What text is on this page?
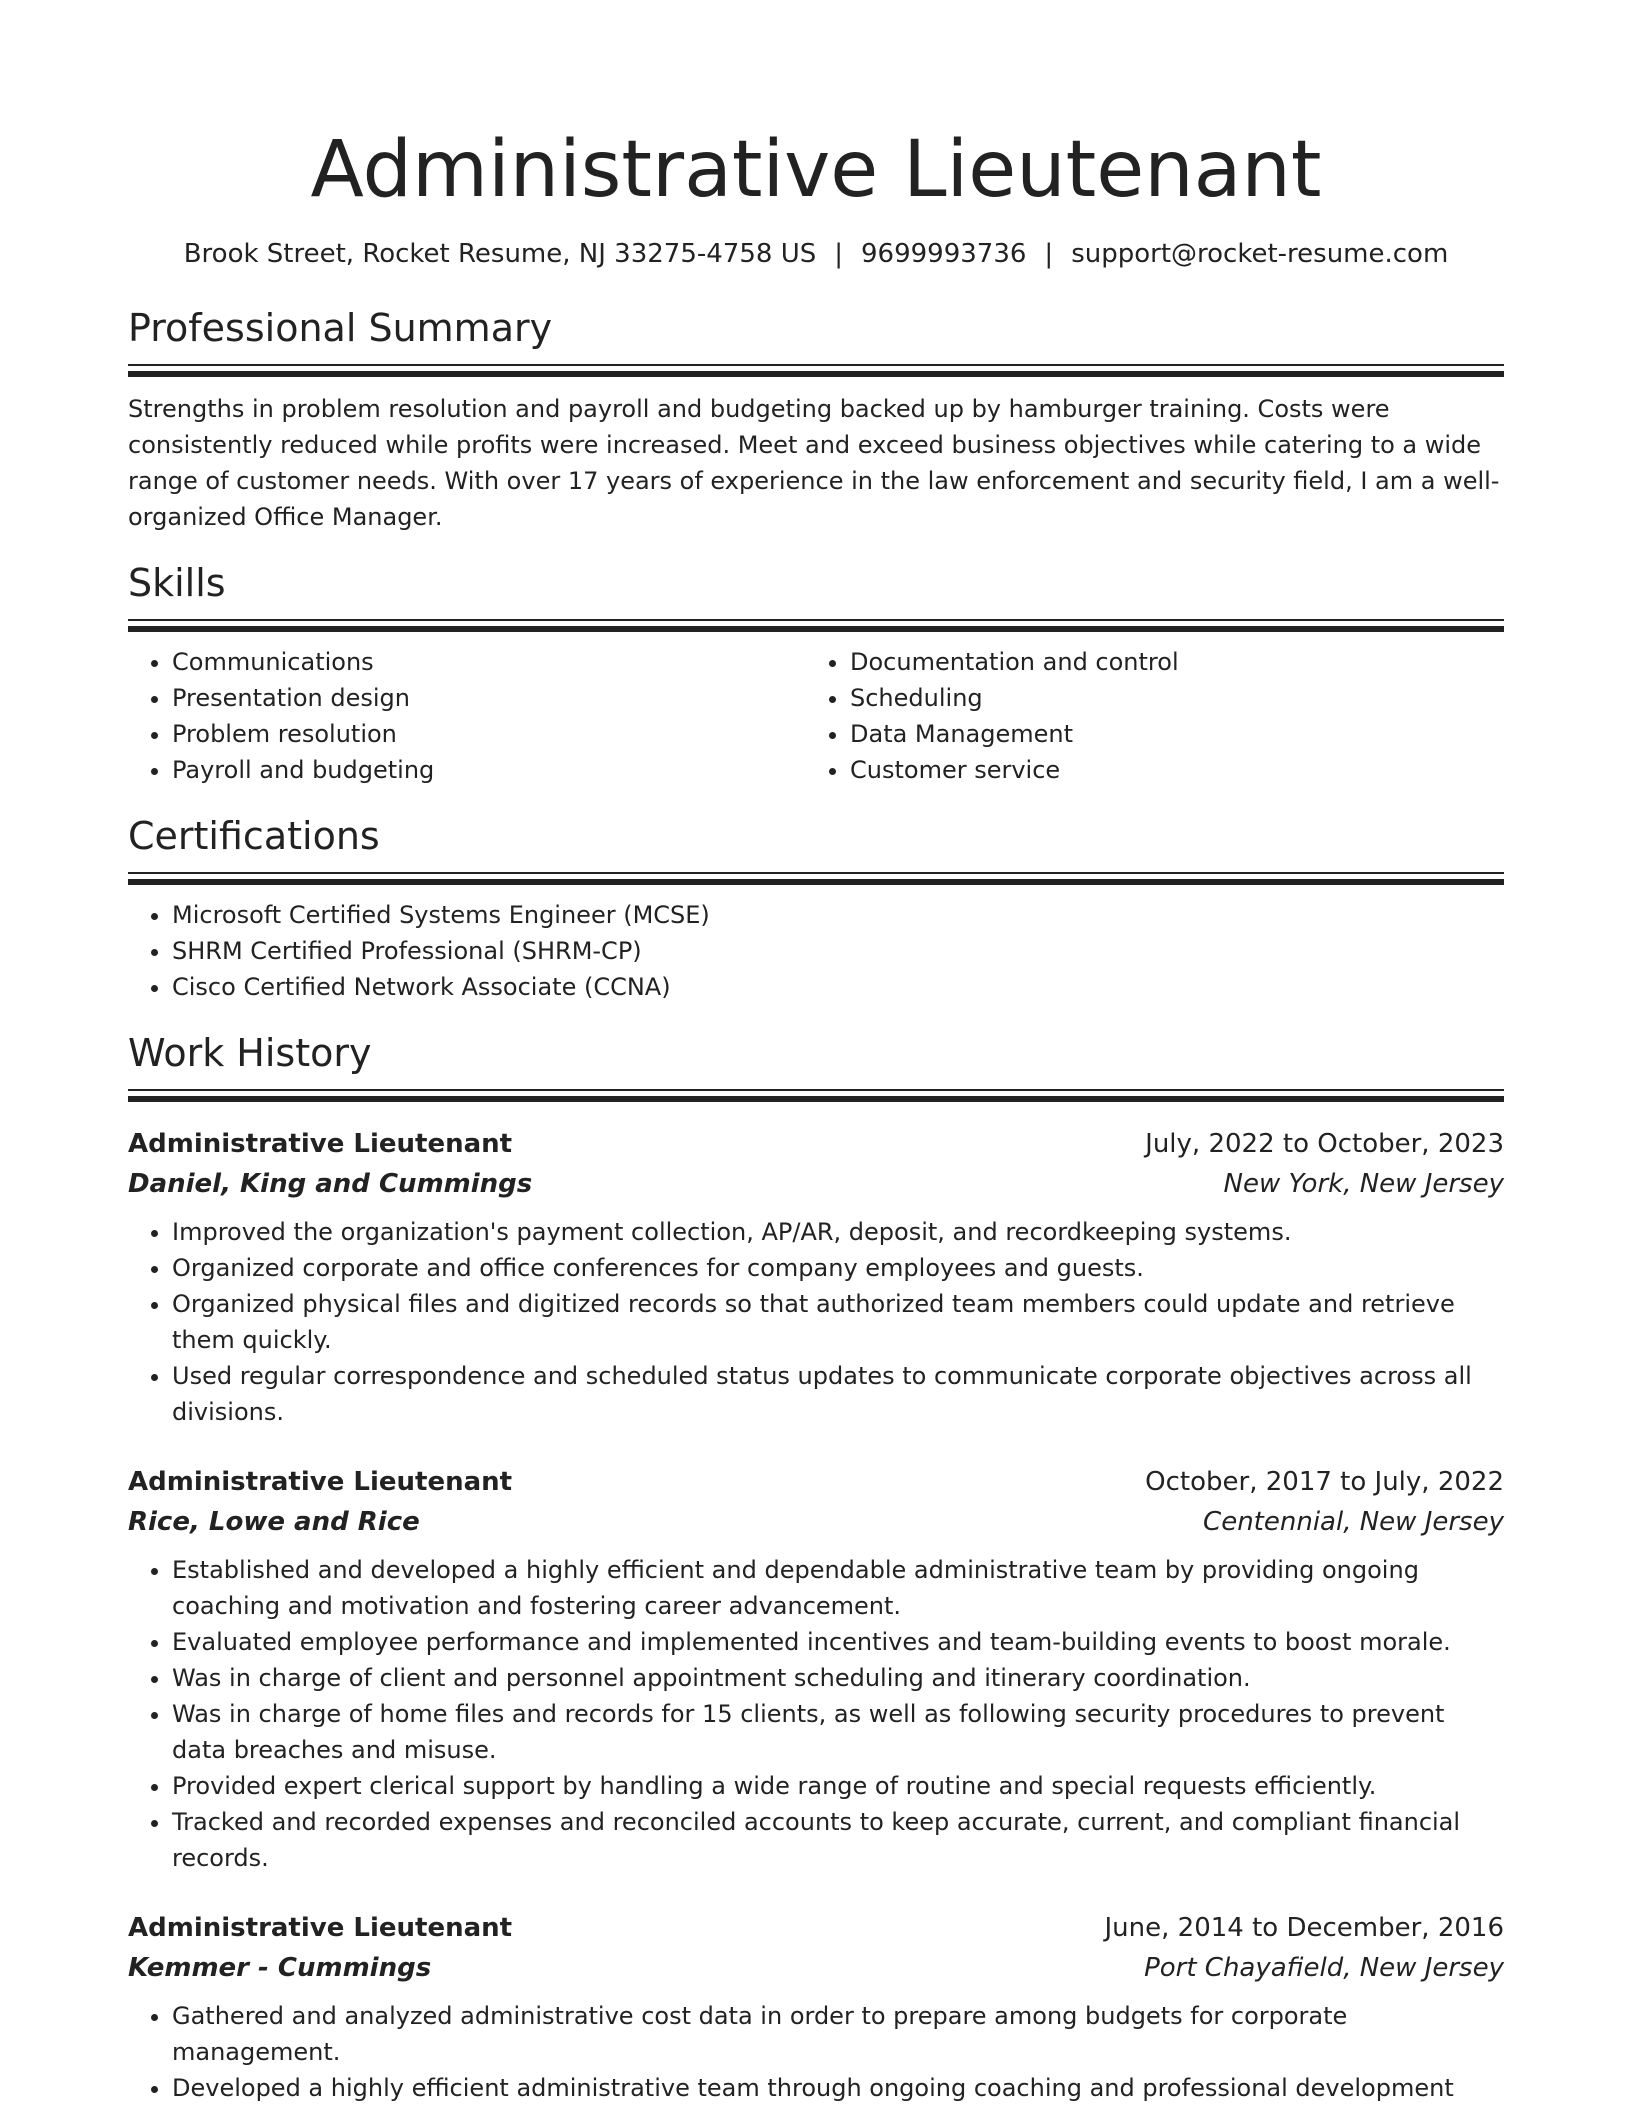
Administrative Lieutenant
Brook Street, Rocket Resume, NJ 33275-4758 US | 9699993736 | support@rocket-resume.com
Professional Summary
Strengths in problem resolution and payroll and budgeting backed up by hamburger training. Costs were consistently reduced while profits were increased. Meet and exceed business objectives while catering to a wide range of customer needs. With over 17 years of experience in the law enforcement and security field, I am a well-organized Office Manager.
Skills
• Communications
• Presentation design
• Problem resolution
• Payroll and budgeting
• Documentation and control
• Scheduling
• Data Management
• Customer service
Certifications
• Microsoft Certified Systems Engineer (MCSE)
• SHRM Certified Professional (SHRM-CP)
• Cisco Certified Network Associate (CCNA)
Work History
Administrative Lieutenant	July, 2022 to October, 2023
Daniel, King and Cummings	New York, New Jersey
• Improved the organization's payment collection, AP/AR, deposit, and recordkeeping systems.
• Organized corporate and office conferences for company employees and guests.
• Organized physical files and digitized records so that authorized team members could update and retrieve them quickly.
• Used regular correspondence and scheduled status updates to communicate corporate objectives across all divisions.
Administrative Lieutenant	October, 2017 to July, 2022
Rice, Lowe and Rice	Centennial, New Jersey
• Established and developed a highly efficient and dependable administrative team by providing ongoing coaching and motivation and fostering career advancement.
• Evaluated employee performance and implemented incentives and team-building events to boost morale.
• Was in charge of client and personnel appointment scheduling and itinerary coordination.
• Was in charge of home files and records for 15 clients, as well as following security procedures to prevent data breaches and misuse.
• Provided expert clerical support by handling a wide range of routine and special requests efficiently.
• Tracked and recorded expenses and reconciled accounts to keep accurate, current, and compliant financial records.
Administrative Lieutenant	June, 2014 to December, 2016
Kemmer - Cummings	Port Chayafield, New Jersey
• Gathered and analyzed administrative cost data in order to prepare among budgets for corporate management.
• Developed a highly efficient administrative team through ongoing coaching and professional development
